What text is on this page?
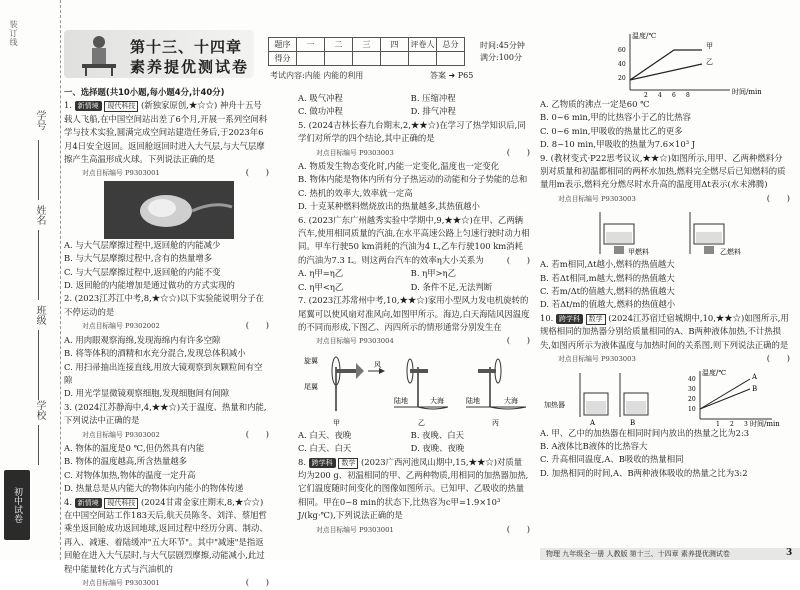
装订线
学号
姓名
班级
学校
初中试卷
第十三、十四章
素养提优测试卷
题序	一	二	三	四	评卷人	总分
得分						
时间:45分钟
满分:100分
考试内容:内能 内能的利用	答案 ➜ P65

一、选择题(共10小题,每小题4分,计40分)

1. 新情境 现代科技 (新独家原创,★☆☆) 神舟十五号载人飞船,在中国空间站出差了6个月,开展一系列空间科学与技术实验,圆满完成空间站建造任务后,于2023年6月4日安全返回。返回舱返回时进入大气层,与大气层摩擦产生高温形成火球。下列说法正确的是

对点目标编号 P9303001	(　　)

A. 与大气层摩擦过程中,返回舱的内能减少

B. 与大气层摩擦过程中,含有的热量增多

C. 与大气层摩擦过程中,返回舱的内能不变

D. 返回舱的内能增加是通过做功的方式实现的

2. (2023江苏江中考,8,★☆☆)以下实验能说明分子在不停运动的是

对点目标编号 P9302002	(　　)

A. 用肉眼观察海绵,发现海绵内有许多空隙

B. 将等体积的酒精和水充分混合,发现总体积减小

C. 用扫帚抽出连接直线,用放大镜观察到灰颗粒间有空隙

D. 用光学显微镜观察细胞,发现细胞间有间隙

3. (2024江苏静海中,4,★★☆)关于温度、热量和内能,下列说法中正确的是

对点目标编号 P9303002	(　　)

A. 物体的温度是0 ℃,但仍然具有内能

B. 物体的温度越高,所含热量越多

C. 对物体加热,物体的温度一定升高

D. 热量总是从内能大的物体向内能小的物体传递

4. 新情境 现代科技 (2024甘肃金家庄期末,8,★☆☆)在中国空间站工作183天后,航天员陈冬、刘洋、蔡旭哲乘坐返回舱成功返回地球,返回过程中经历分离、制动、再入、减速、着陆缓冲"五大环节"。其中"减速"是指返回舱在进入大气层时,与大气层剧烈摩擦,动能减小,此过程中能量转化方式与汽油机的

对点目标编号 P9303001	(　　)

A. 吸气冲程	B. 压缩冲程

C. 做功冲程	D. 排气冲程

5. (2024吉林长春九台期末,2,★★☆)在学习了热学知识后,同学们对所学的四个结论,其中正确的是

对点目标编号 P9303003	(　　)

A. 物质发生物态变化时,内能一定变化,温度也一定变化

B. 物体内能是物体内所有分子热运动的动能和分子势能的总和

C. 热机的效率大,效率就一定高

D. 十克某种燃料燃烧放出的热量越多,其热值越小

6. (2023广东广州越秀实验中学期中,9,★★☆)在甲、乙两辆汽车,使用相同质量的汽油,在水平高速公路上匀速行驶时动力相同。甲车行驶50 km消耗的汽油为4 L,乙车行驶100 km消耗的汽油为7.3 L。则这两台汽车的效率η大小关系为	(　　)

A. η甲=η乙	B. η甲>η乙

C. η甲<η乙	D. 条件不足,无法判断

7. (2023江苏常州中考,10,★★☆)家用小型风力发电机旋转的尾翼可以使风扇对准风向,如图甲所示。海边,白天海陆风因温度的不同而形成,下图乙、丙四所示的情形通常分别发生在

对点目标编号 P9303004	(　　)

旋翼
尾翼
风
甲
陆地	大海
乙
陆地	大海
丙

A. 白天、夜晚	B. 夜晚、白天

C. 白天、白天	D. 夜晚、夜晚

8. 跨学科 数学 (2023广西河池凤山期中,15,★★☆)对质量均为200 g、初温相同的甲、乙两种物质,用相同的加热器加热,它们温度随时间变化的图像如图所示。已知甲、乙吸收的热量相同。甲在0~8 min的状态下,比热容为c甲=1.9×10³ J/(kg·℃),下列说法正确的是

对点目标编号 P9303001	(　　)

温度/℃
时间/min
60
40
20
2 4 6 8
甲
乙

A. 乙物质的沸点一定是60 ℃

B. 0~6 min,甲的比热容小于乙的比热容

C. 0~6 min,甲吸收的热量比乙的更多

D. 8~10 min,甲吸收的热量为7.6×10³ J

9. (教材变式·P22思考议议,★★☆)如图所示,用甲、乙两种燃料分别对质量和初温都相同的两杯水加热,燃料完全燃尽后已知燃料的质量用m表示,燃料充分燃尽时水升高的温度用Δt表示(水未沸腾)

对点目标编号 P9303003	(　　)

甲燃料	乙燃料

A. 若m相同,Δt越小,燃料的热值越大

B. 若Δt相同,m越大,燃料的热值越大

C. 若m/Δt的值越大,燃料的热值越大

D. 若Δt/m的值越大,燃料的热值越小

10. 跨学科 数学 (2024江苏宿迁宿城期中,10,★★☆)如图所示,用规格相同的加热器分别给质量相同的A、B两种液体加热,不计热损失,如图丙所示为液体温度与加热时间的关系图,则下列说法正确的是

对点目标编号 P9303003	(　　)

加热器
A	B
温度/℃
时间/min
40
30
20
10
1 2 3
A
B

A. 甲、乙中的加热器在相同时间内放出的热量之比为2:3

B. A液体比B液体的比热容大

C. 升高相同温度,A、B吸收的热量相同

D. 加热相同的时间,A、B两种液体吸收的热量之比为3:2

物理 九年级全一册 人教版 第十三、十四章 素养提优测试卷	3
